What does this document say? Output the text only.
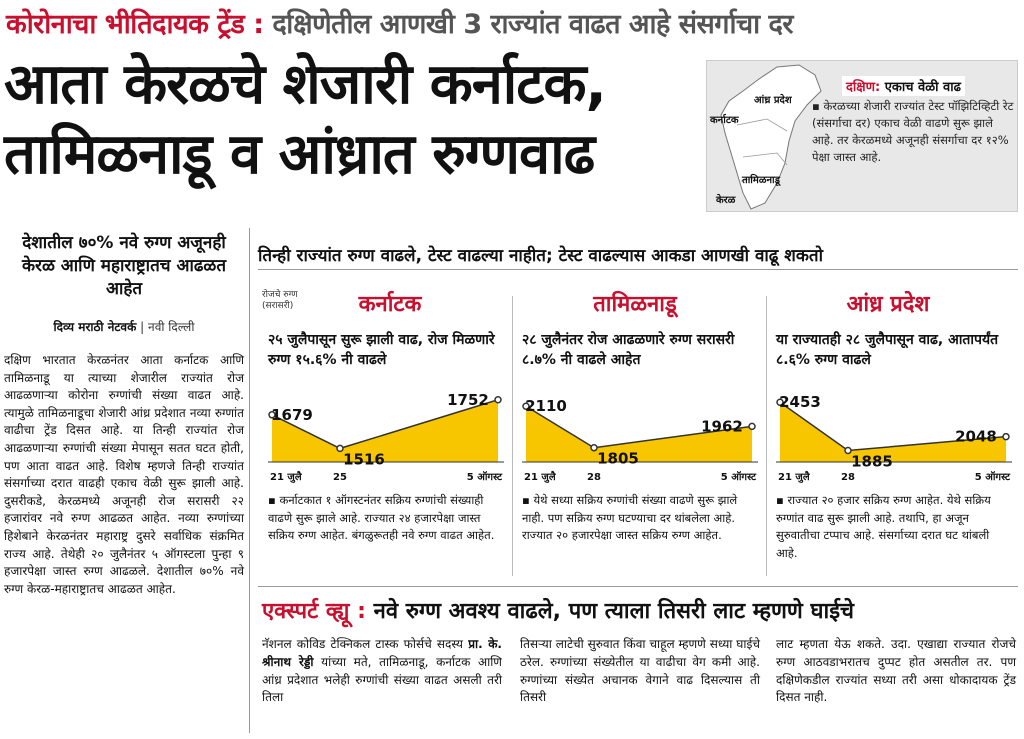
कोरोनाचा भीतिदायक ट्रेंड : दक्षिणेतील आणखी 3 राज्यांत वाढत आहे संसर्गाचा दर
आता केरळचे शेजारी कर्नाटक,
तामिळनाडू व आंध्रात रुग्णवाढ
आंध्र प्रदेश
कर्नाटक
तामिळनाडू
केरळ
दक्षिण: एकाच वेळी वाढ
▪ केरळच्या शेजारी राज्यांत टेस्ट पॉझिटिव्हिटी रेट (संसर्गाचा दर) एकाच वेळी वाढणे सुरू झाले आहे. तर केरळमध्ये अजूनही संसर्गाचा दर १२% पेक्षा जास्त आहे.
देशातील ७०% नवे रुग्ण अजूनही केरळ आणि महाराष्ट्रातच आढळत आहेत
दिव्य मराठी नेटवर्क | नवी दिल्ली
दक्षिण भारतात केरळनंतर आता कर्नाटक आणि तामिळनाडू या त्याच्या शेजारील राज्यांत रोज आढळणाऱ्या कोरोना रुग्णांची संख्या वाढत आहे. त्यामुळे तामिळनाडूचा शेजारी आंध्र प्रदेशात नव्या रुग्णांत वाढीचा ट्रेंड दिसत आहे. या तिन्ही राज्यांत रोज आढळणाऱ्या रुग्णांची संख्या मेपासून सतत घटत होती, पण आता वाढत आहे. विशेष म्हणजे तिन्ही राज्यांत संसर्गाच्या दरात वाढही एकाच वेळी सुरू झाली आहे. दुसरीकडे, केरळमध्ये अजूनही रोज सरासरी २२ हजारांवर नवे रुग्ण आढळत आहेत. नव्या रुग्णांच्या हिशेबाने केरळनंतर महाराष्ट्र दुसरे सर्वाधिक संक्रमित राज्य आहे. तेथेही २० जुलैनंतर ५ ऑगस्टला पुन्हा ९ हजारपेक्षा जास्त रुग्ण आढळले. देशातील ७०% नवे रुग्ण केरळ-महाराष्ट्रातच आढळत आहेत.
तिन्ही राज्यांत रुग्ण वाढले, टेस्ट वाढल्या नाहीत; टेस्ट वाढल्यास आकडा आणखी वाढू शकतो
रोजचे रुग्ण
(सरासरी)	कर्नाटक
२५ जुलैपासून सुरू झाली वाढ, रोज मिळणारे रुग्ण १५.६% नी वाढले
▪ कर्नाटकात १ ऑगस्टनंतर सक्रिय रुग्णांची संख्याही वाढणे सुरू झाले आहे. राज्यात २४ हजारपेक्षा जास्त सक्रिय रुग्ण आहेत. बंगळुरूतही नवे रुग्ण वाढत आहेत.
तामिळनाडू
२८ जुलैनंतर रोज आढळणारे रुग्ण सरासरी ८.७% नी वाढले आहेत
▪ येथे सध्या सक्रिय रुग्णांची संख्या वाढणे सुरू झाले नाही. पण सक्रिय रुग्ण घटण्याचा दर थांबलेला आहे. राज्यात २० हजारपेक्षा जास्त सक्रिय रुग्ण आहेत.
आंध्र प्रदेश
या राज्यातही २८ जुलैपासून वाढ, आतापर्यंत ८.६% रुग्ण वाढले
▪ राज्यात २० हजार सक्रिय रुग्ण आहेत. येथे सक्रिय रुग्णांत वाढ सुरू झाली आहे. तथापि, हा अजून सुरुवातीचा टप्पाच आहे. संसर्गाच्या दरात घट थांबली आहे.
1679
21 जुलै
1516
25
1752
5 ऑगस्ट
2110
21 जुलै
1805
28
1962
5 ऑगस्ट
2453
21 जुलै
1885
28
2048
5 ऑगस्ट
एक्स्पर्ट व्ह्यू : नवे रुग्ण अवश्य वाढले, पण त्याला तिसरी लाट म्हणणे घाईचे
नॅशनल कोविड टेक्निकल टास्क फोर्सचे सदस्य प्रा. के. श्रीनाथ रेड्डी यांच्या मते, तामिळनाडू, कर्नाटक आणि आंध्र प्रदेशात भलेही रुग्णांची संख्या वाढत असली तरी तिला
तिसऱ्या लाटेची सुरुवात किंवा चाहूल म्हणणे सध्या घाईचे ठरेल. रुग्णांच्या संख्येतील या वाढीचा वेग कमी आहे. रुग्णांच्या संख्येत अचानक वेगाने वाढ दिसल्यास ती तिसरी
लाट म्हणता येऊ शकते. उदा. एखाद्या राज्यात रोजचे रुग्ण आठवडाभरातच दुप्पट होत असतील तर. पण दक्षिणेकडील राज्यांत सध्या तरी असा धोकादायक ट्रेंड दिसत नाही.
